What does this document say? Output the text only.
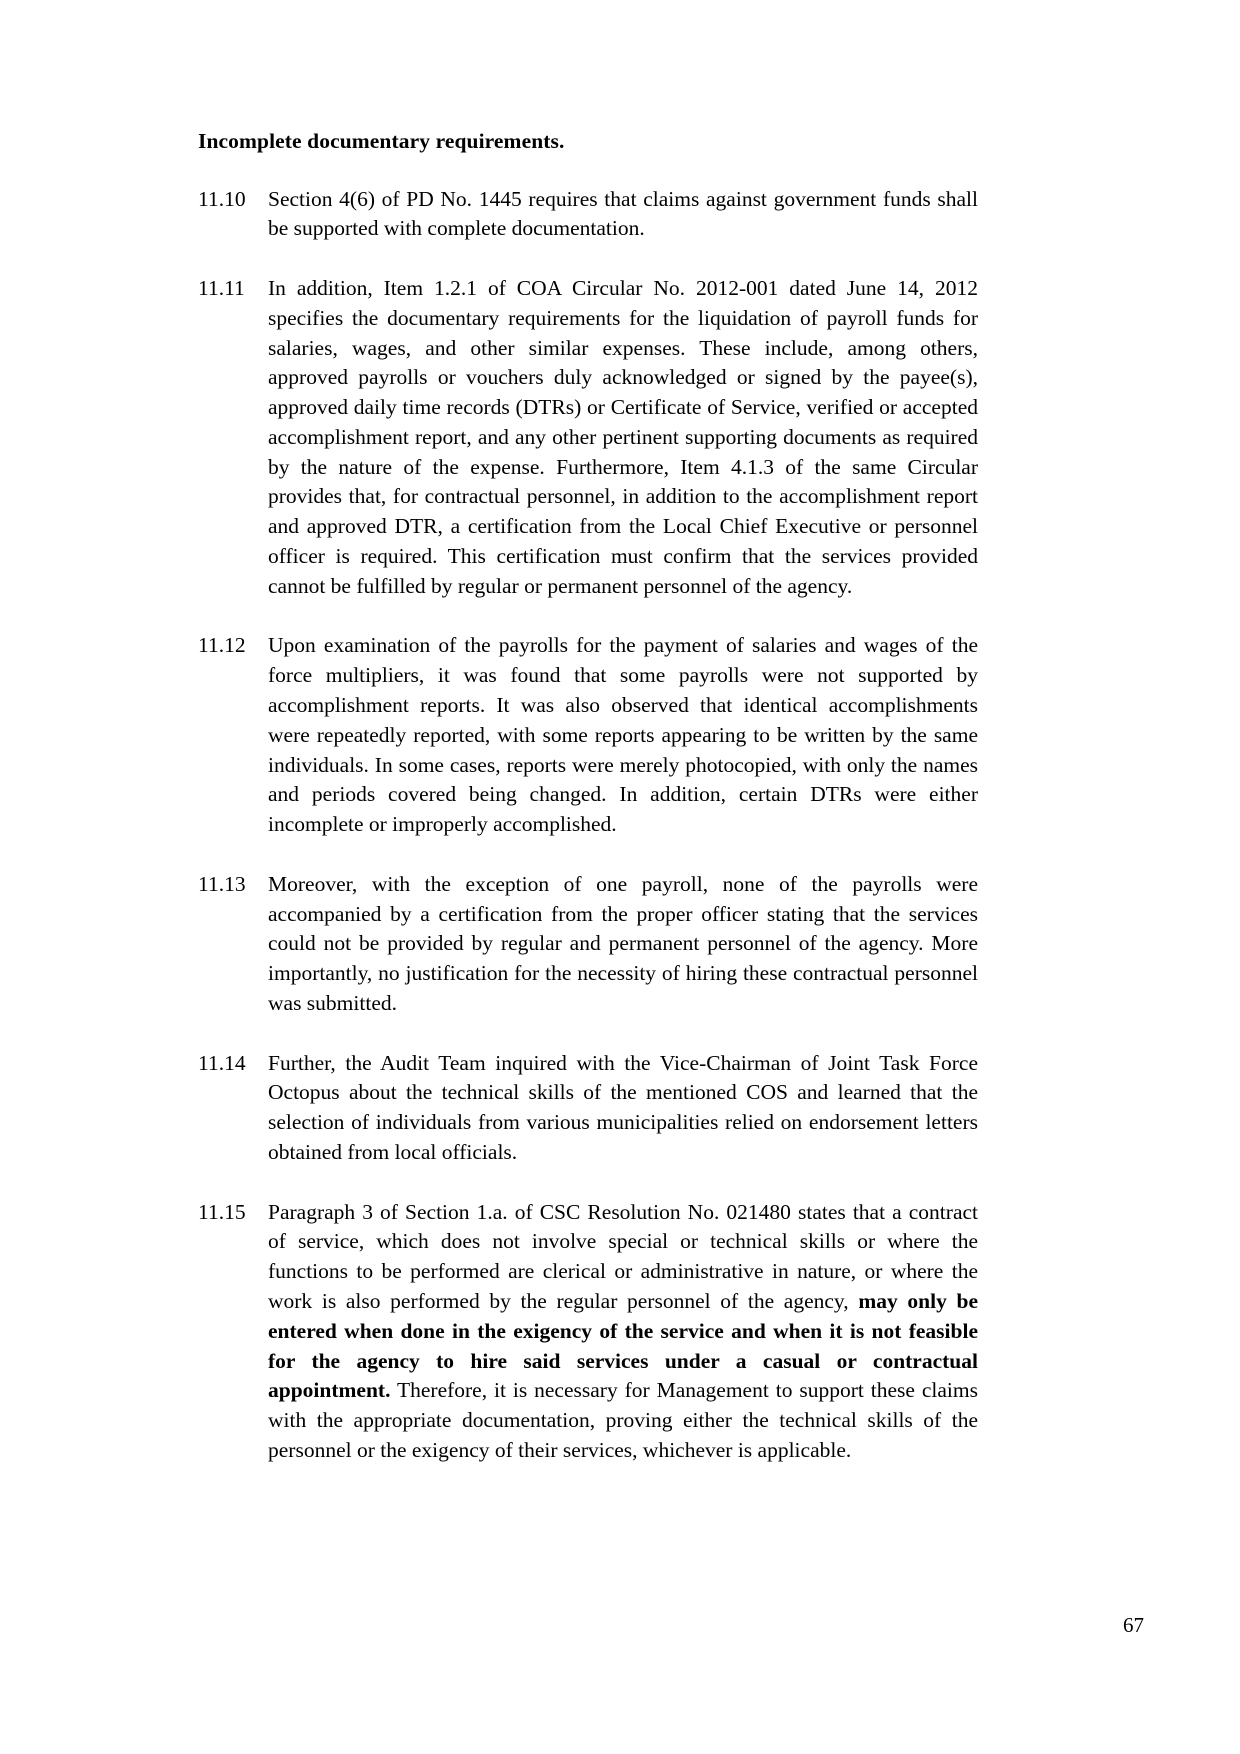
Incomplete documentary requirements.
11.10	Section 4(6) of PD No. 1445 requires that claims against government funds shall be supported with complete documentation.
11.11	In addition, Item 1.2.1 of COA Circular No. 2012-001 dated June 14, 2012 specifies the documentary requirements for the liquidation of payroll funds for salaries, wages, and other similar expenses. These include, among others, approved payrolls or vouchers duly acknowledged or signed by the payee(s), approved daily time records (DTRs) or Certificate of Service, verified or accepted accomplishment report, and any other pertinent supporting documents as required by the nature of the expense. Furthermore, Item 4.1.3 of the same Circular provides that, for contractual personnel, in addition to the accomplishment report and approved DTR, a certification from the Local Chief Executive or personnel officer is required. This certification must confirm that the services provided cannot be fulfilled by regular or permanent personnel of the agency.
11.12	Upon examination of the payrolls for the payment of salaries and wages of the force multipliers, it was found that some payrolls were not supported by accomplishment reports. It was also observed that identical accomplishments were repeatedly reported, with some reports appearing to be written by the same individuals. In some cases, reports were merely photocopied, with only the names and periods covered being changed. In addition, certain DTRs were either incomplete or improperly accomplished.
11.13	Moreover, with the exception of one payroll, none of the payrolls were accompanied by a certification from the proper officer stating that the services could not be provided by regular and permanent personnel of the agency. More importantly, no justification for the necessity of hiring these contractual personnel was submitted.
11.14	Further, the Audit Team inquired with the Vice-Chairman of Joint Task Force Octopus about the technical skills of the mentioned COS and learned that the selection of individuals from various municipalities relied on endorsement letters obtained from local officials.
11.15	Paragraph 3 of Section 1.a. of CSC Resolution No. 021480 states that a contract of service, which does not involve special or technical skills or where the functions to be performed are clerical or administrative in nature, or where the work is also performed by the regular personnel of the agency, may only be entered when done in the exigency of the service and when it is not feasible for the agency to hire said services under a casual or contractual appointment. Therefore, it is necessary for Management to support these claims with the appropriate documentation, proving either the technical skills of the personnel or the exigency of their services, whichever is applicable.
67
